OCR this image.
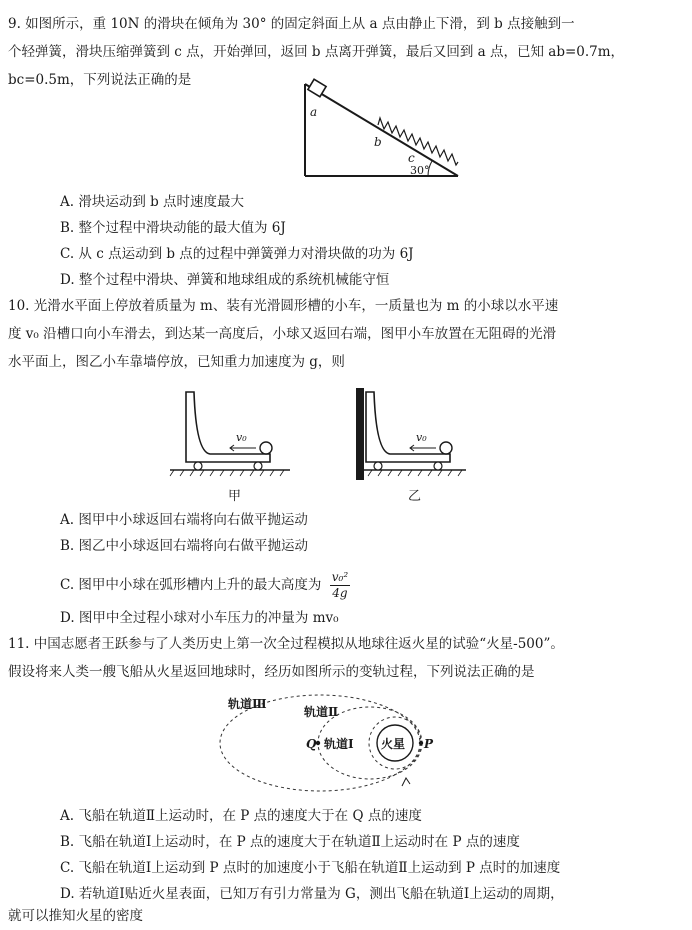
9. 如图所示，重 10N 的滑块在倾角为 30° 的固定斜面上从 a 点由静止下滑，到 b 点接触到一
个轻弹簧，滑块压缩弹簧到 c 点，开始弹回，返回 b 点离开弹簧，最后又回到 a 点，已知 ab=0.7m，
bc=0.5m，下列说法正确的是
a
b
c
30°
A. 滑块运动到 b 点时速度最大
B. 整个过程中滑块动能的最大值为 6J
C. 从 c 点运动到 b 点的过程中弹簧弹力对滑块做的功为 6J
D. 整个过程中滑块、弹簧和地球组成的系统机械能守恒
10. 光滑水平面上停放着质量为 m、装有光滑圆形槽的小车，一质量也为 m 的小球以水平速
度 v₀ 沿槽口向小车滑去，到达某一高度后，小球又返回右端，图甲小车放置在无阻碍的光滑
水平面上，图乙小车靠墙停放，已知重力加速度为 g，则
v₀
甲
v₀
乙
A. 图甲中小球返回右端将向右做平抛运动
B. 图乙中小球返回右端将向右做平抛运动
C. 图甲中小球在弧形槽内上升的最大高度为 $\frac{\text{v₀²}}{4g}$
D. 图甲中全过程小球对小车压力的冲量为 mv₀
11. 中国志愿者王跃参与了人类历史上第一次全过程模拟从地球往返火星的试验“火星-500”。
假设将来人类一艘飞船从火星返回地球时，经历如图所示的变轨过程，下列说法正确的是
轨道Ⅲ
轨道Ⅱ
轨道Ⅰ 火星
Q	P
A. 飞船在轨道Ⅱ上运动时，在 P 点的速度大于在 Q 点的速度
B. 飞船在轨道Ⅰ上运动时，在 P 点的速度大于在轨道Ⅱ上运动时在 P 点的速度
C. 飞船在轨道Ⅰ上运动到 P 点时的加速度小于飞船在轨道Ⅱ上运动到 P 点时的加速度
D. 若轨道Ⅰ贴近火星表面，已知万有引力常量为 G，测出飞船在轨道Ⅰ上运动的周期，
就可以推知火星的密度
